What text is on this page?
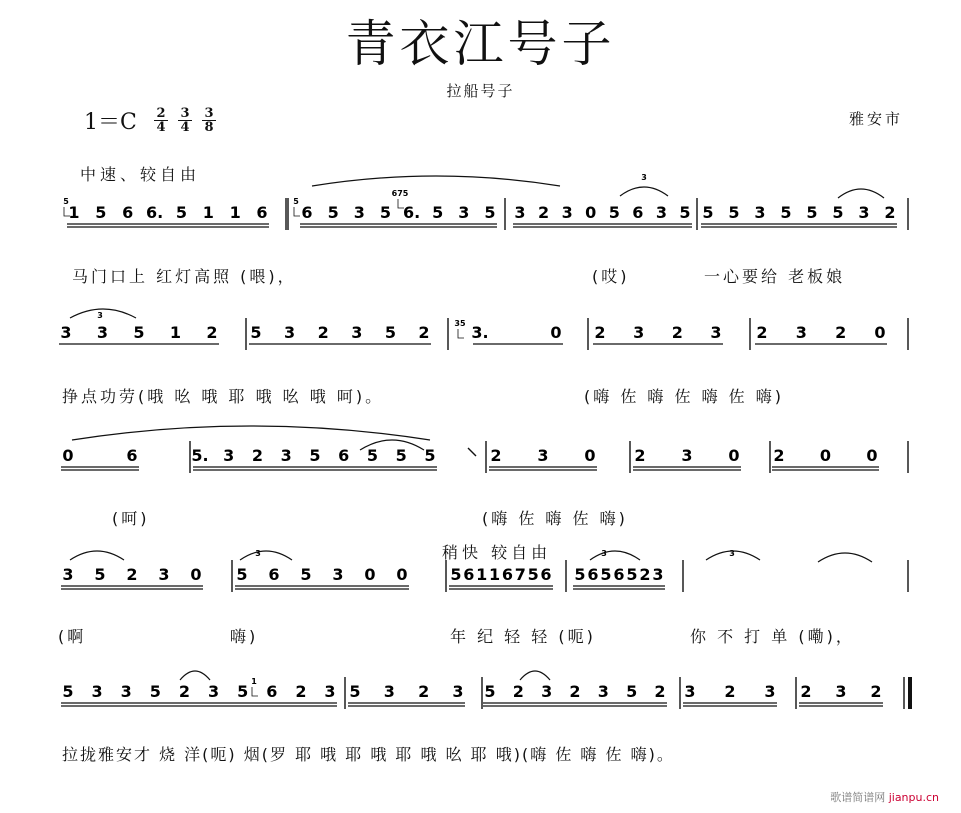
青衣江号子
拉船号子
$1=C \frac{2}{4} \frac{3}{4} \frac{3}{8}$	雅安市
中速、较自由
稍快 较自由
1 5 6 6. 5 1 1 6 6 5 3 5 6. 5 3 5 3 2 3 0 5 6 3 5 5 5 3 5 5 5 3 2
3 3 5 1 2 5 3 2 3 5 2	3.	0 2 3 2 3 2 3 2 0
0	6	5. 3 2 3 5 6 5 5 5	2 3 0 2 3 0 2 0 0
3 5 2 3 0 5 6 5 3 0 0	5 6 1 1 6 7 5 6 5 6 5 6 5 2 3
5 3 3 5 2 3 5 6 2 3 5 3 2 3 5 2 3 2 3 5 2 3 2 3 2 3 2
3
3
3	3	3
5	5
675
35
1
马门口上 红灯高照 (喂)，	(哎)	一心要给 老板娘
挣点功劳(哦 吆 哦 耶 哦 吆 哦 呵)。	(嗨 佐 嗨 佐 嗨 佐 嗨)
(呵)	(嗨 佐 嗨 佐 嗨)
(啊	嗨)	年 纪 轻 轻 (呃)	你 不 打 单 (嘞)，
拉拢雅安才 烧 洋(呃) 烟(罗 耶 哦 耶 哦 耶 哦 吆 耶 哦)(嗨 佐 嗨 佐 嗨)。
歌谱简谱网 jianpu.cn
